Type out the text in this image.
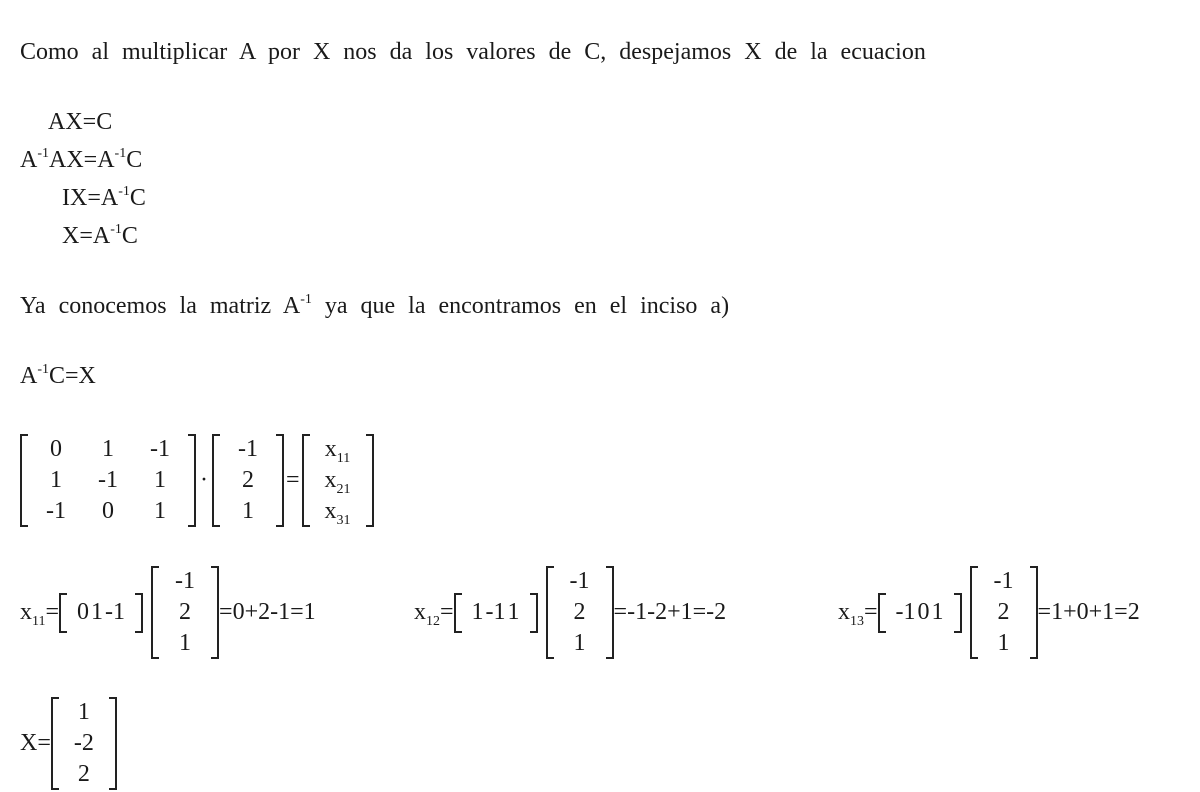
Como al multiplicar A por X nos da los valores de C, despejamos X de la ecuacion
AX=C
$A^{-1}AX=A^{-1}C$
$IX=A^{-1}C$
$X=A^{-1}C$
Ya conocemos la matriz $A^{-1}$ ya que la encontramos en el inciso a)
$A^{-1}C=X$
0 1 -1
1 -1 1
-1 0 1
·
-1
2
1
=
$x_{11}$
$x_{21}$
$x_{31}$
$x_{11}= 0$ 1 -1
-1
2
1
=0+2-1=1	$x_{12}= 1$ -1 1
-1
2
1
=-1-2+1=-2	$x_{13}= -1$ 0 1
-1
2
1
=1+0+1=2
X=
1
-2
2
